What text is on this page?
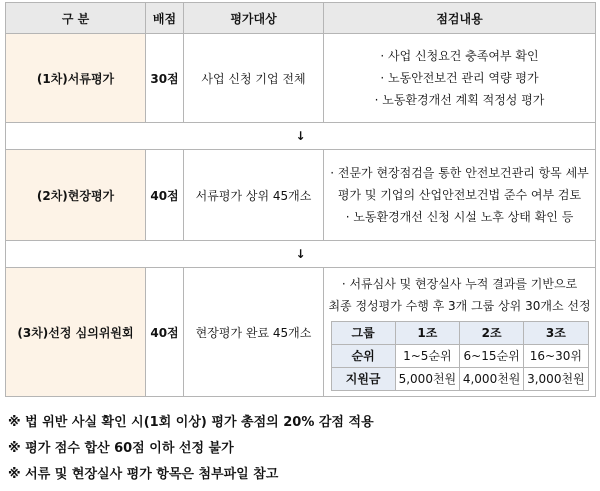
구 분	배점	평가대상	점검내용
(1차)서류평가	30점	사업 신청 기업 전체	
· 사업 신청요건 충족여부 확인
· 노동안전보건 관리 역량 평가
· 노동환경개선 계획 적정성 평가

↓
(2차)현장평가	40점	서류평가 상위 45개소	
· 전문가 현장점검을 통한 안전보건관리 항목 세부
평가 및 기업의 산업안전보건법 준수 여부 검토
· 노동환경개선 신청 시설 노후 상태 확인 등

↓
(3차)선정 심의위원회	40점	현장평가 완료 45개소	
· 서류심사 및 현장실사 누적 결과를 기반으로
최종 정성평가 수행 후 3개 그룹 상위 30개소 선정
그룹	1조	2조	3조
순위	1~5순위	6~15순위	16~30위
지원금	5,000천원	4,000천원	3,000천원
※ 법 위반 사실 확인 시(1회 이상) 평가 총점의 20% 감점 적용
※ 평가 점수 합산 60점 이하 선정 불가
※ 서류 및 현장실사 평가 항목은 첨부파일 참고
